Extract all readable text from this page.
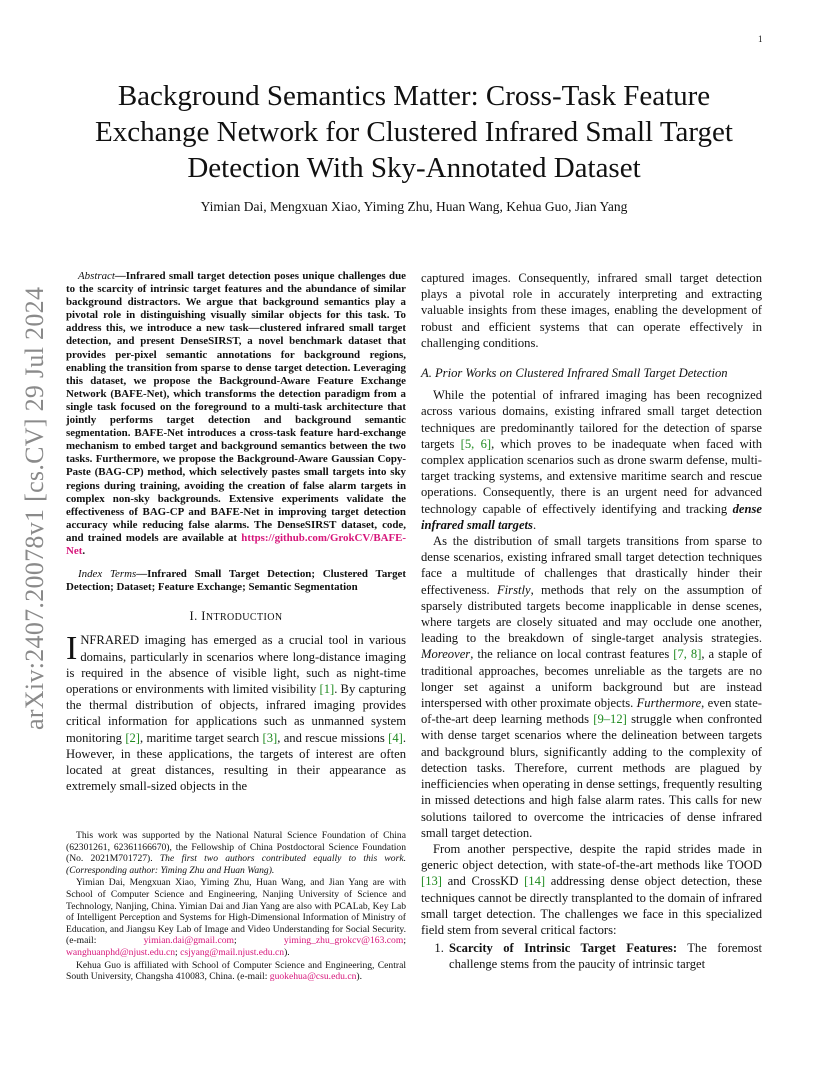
1
arXiv:2407.20078v1 [cs.CV] 29 Jul 2024
Background Semantics Matter: Cross-Task Feature Exchange Network for Clustered Infrared Small Target Detection With Sky-Annotated Dataset

Yimian Dai, Mengxuan Xiao, Yiming Zhu, Huan Wang, Kehua Guo, Jian Yang

Abstract—Infrared small target detection poses unique challenges due to the scarcity of intrinsic target features and the abundance of similar background distractors. We argue that background semantics play a pivotal role in distinguishing visually similar objects for this task. To address this, we introduce a new task—clustered infrared small target detection, and present DenseSIRST, a novel benchmark dataset that provides per-pixel semantic annotations for background regions, enabling the transition from sparse to dense target detection. Leveraging this dataset, we propose the Background-Aware Feature Exchange Network (BAFE-Net), which transforms the detection paradigm from a single task focused on the foreground to a multi-task architecture that jointly performs target detection and background semantic segmentation. BAFE-Net introduces a cross-task feature hard-exchange mechanism to embed target and background semantics between the two tasks. Furthermore, we propose the Background-Aware Gaussian Copy-Paste (BAG-CP) method, which selectively pastes small targets into sky regions during training, avoiding the creation of false alarm targets in complex non-sky backgrounds. Extensive experiments validate the effectiveness of BAG-CP and BAFE-Net in improving target detection accuracy while reducing false alarms. The DenseSIRST dataset, code, and trained models are available at https://github.com/GrokCV/BAFE-Net.

Index Terms—Infrared Small Target Detection; Clustered Target Detection; Dataset; Feature Exchange; Semantic Segmentation

I. INTRODUCTION

INFRARED imaging has emerged as a crucial tool in various domains, particularly in scenarios where long-distance imaging is required in the absence of visible light, such as night-time operations or environments with limited visibility [1]. By capturing the thermal distribution of objects, infrared imaging provides critical information for applications such as unmanned system monitoring [2], maritime target search [3], and rescue missions [4]. However, in these applications, the targets of interest are often located at great distances, resulting in their appearance as extremely small-sized objects in the

This work was supported by the National Natural Science Foundation of China (62301261, 62361166670), the Fellowship of China Postdoctoral Science Foundation (No. 2021M701727). The first two authors contributed equally to this work. (Corresponding author: Yiming Zhu and Huan Wang).

Yimian Dai, Mengxuan Xiao, Yiming Zhu, Huan Wang, and Jian Yang are with School of Computer Science and Engineering, Nanjing University of Science and Technology, Nanjing, China. Yimian Dai and Jian Yang are also with PCALab, Key Lab of Intelligent Perception and Systems for High-Dimensional Information of Ministry of Education, and Jiangsu Key Lab of Image and Video Understanding for Social Security. (e-mail: yimian.dai@gmail.com; yiming_zhu_grokcv@163.com; wanghuanphd@njust.edu.cn; csjyang@mail.njust.edu.cn).

Kehua Guo is affiliated with School of Computer Science and Engineering, Central South University, Changsha 410083, China. (e-mail: guokehua@csu.edu.cn).

captured images. Consequently, infrared small target detection plays a pivotal role in accurately interpreting and extracting valuable insights from these images, enabling the development of robust and efficient systems that can operate effectively in challenging conditions.

A. Prior Works on Clustered Infrared Small Target Detection

While the potential of infrared imaging has been recognized across various domains, existing infrared small target detection techniques are predominantly tailored for the detection of sparse targets [5, 6], which proves to be inadequate when faced with complex application scenarios such as drone swarm defense, multi-target tracking systems, and extensive maritime search and rescue operations. Consequently, there is an urgent need for advanced technology capable of effectively identifying and tracking dense infrared small targets.

As the distribution of small targets transitions from sparse to dense scenarios, existing infrared small target detection techniques face a multitude of challenges that drastically hinder their effectiveness. Firstly, methods that rely on the assumption of sparsely distributed targets become inapplicable in dense scenes, where targets are closely situated and may occlude one another, leading to the breakdown of single-target analysis strategies. Moreover, the reliance on local contrast features [7, 8], a staple of traditional approaches, becomes unreliable as the targets are no longer set against a uniform background but are instead interspersed with other proximate objects. Furthermore, even state-of-the-art deep learning methods [9–12] struggle when confronted with dense target scenarios where the delineation between targets and background blurs, significantly adding to the complexity of detection tasks. Therefore, current methods are plagued by inefficiencies when operating in dense settings, frequently resulting in missed detections and high false alarm rates. This calls for new solutions tailored to overcome the intricacies of dense infrared small target detection.

From another perspective, despite the rapid strides made in generic object detection, with state-of-the-art methods like TOOD [13] and CrossKD [14] addressing dense object detection, these techniques cannot be directly transplanted to the domain of infrared small target detection. The challenges we face in this specialized field stem from several critical factors:

1. Scarcity of Intrinsic Target Features: The foremost challenge stems from the paucity of intrinsic target
